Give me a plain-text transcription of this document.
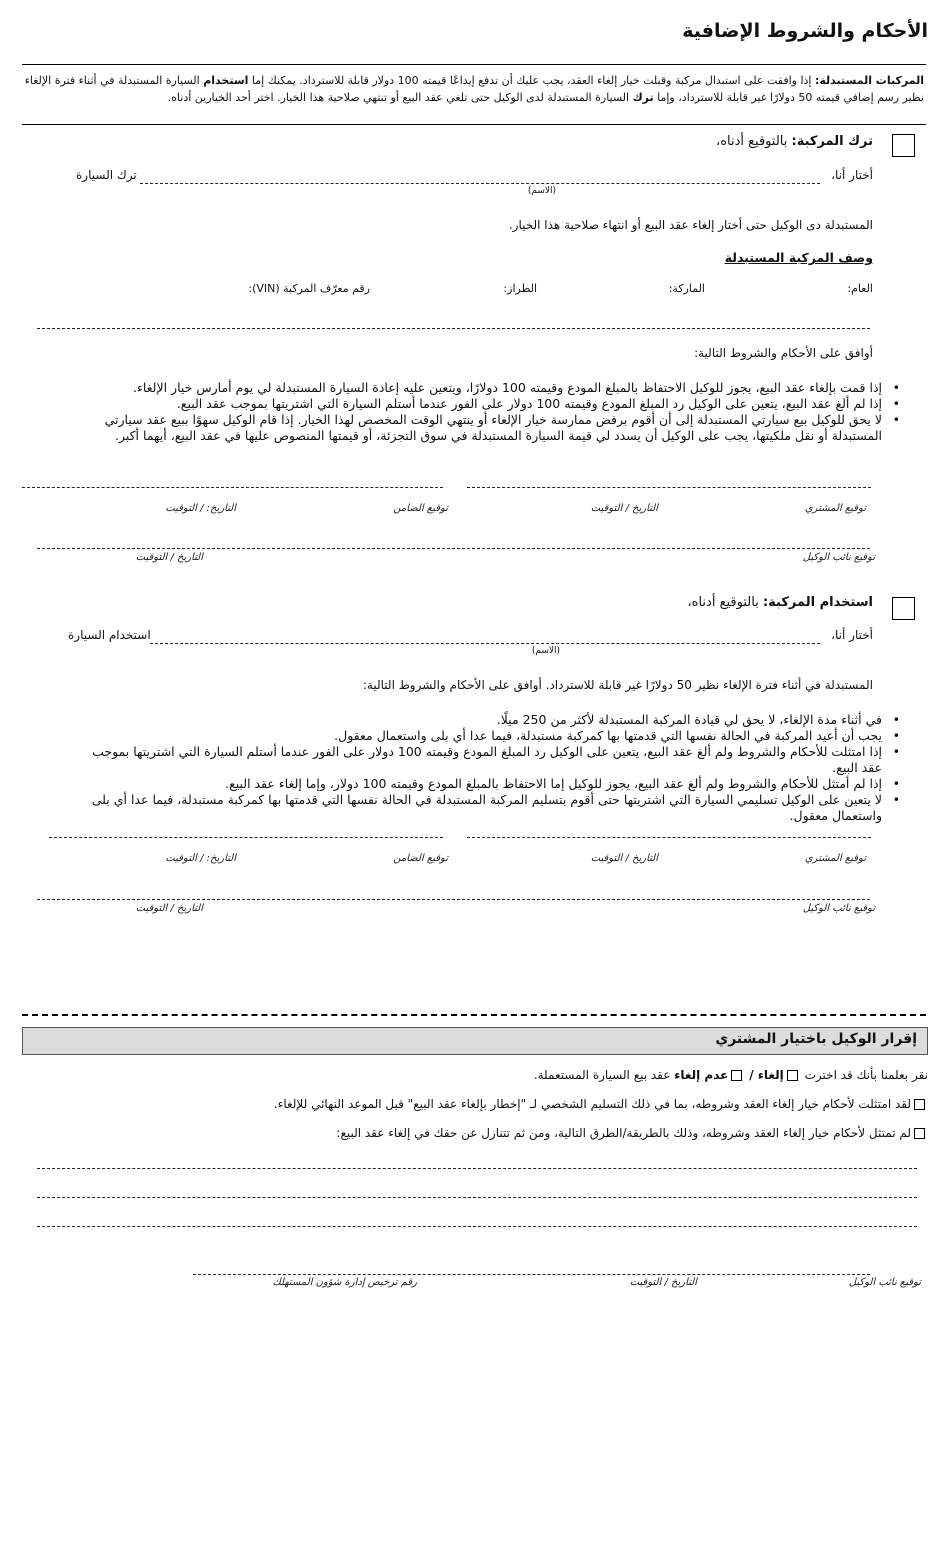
الأحكام والشروط الإضافية
المركبات المستبدلة: إذا وافقت على استبدال مركبة وقبلت خيار إلغاء العقد، يجب عليك أن تدفع إيداعًا قيمته 100 دولار قابلة للاسترداد. يمكنك إما استخدام السيارة المستبدلة في أثناء فترة الإلغاء نظير رسم إضافي قيمته 50 دولارًا غير قابلة للاسترداد، وإما ترك السيارة المستبدلة لدى الوكيل حتى تلغي عقد البيع أو تنتهي صلاحية هذا الخيار. اختر أحد الخيارين أدناه.
ترك المركبة: بالتوقيع أدناه،
أختار أنا،
ترك السيارة
(الاسم)
المستبدلة دى الوكيل حتى أختار إلغاء عقد البيع أو انتهاء صلاحية هذا الخيار.
وصف المركبة المستبدلة
العام:
الماركة:
الطراز:
رقم معرّف المركبة (VIN):
أوافق على الأحكام والشروط التالية:
• إذا قمت بإلغاء عقد البيع، يجوز للوكيل الاحتفاظ بالمبلغ المودع وقيمته 100 دولارًا، ويتعين عليه إعادة السيارة المستبدلة لي يوم أمارس خيار الإلغاء.
• إذا لم ألغ عقد البيع، يتعين على الوكيل رد المبلغ المودع وقيمته 100 دولار على الفور عندما أستلم السيارة التي اشتريتها بموجب عقد البيع.
• لا يحق للوكيل بيع سيارتي المستبدلة إلى أن أقوم برفض ممارسة خيار الإلغاء أو ينتهي الوقت المخصص لهذا الخيار. إذا قام الوكيل سهوًا ببيع عقد سيارتي المستبدلة أو نقل ملكيتها، يجب على الوكيل أن يسدد لي قيمة السيارة المستبدلة في سوق التجزئة، أو قيمتها المنصوص عليها في عقد البيع، أيهما أكبر.
توقيع المشتري
التاريخ / التوقيت
توقيع الضامن
التاريخ: / التوقيت
توقيع نائب الوكيل
التاريخ / التوقيت
استخدام المركبة: بالتوقيع أدناه،
أختار أنا،
استخدام السيارة
(الاسم)
المستبدلة في أثناء فترة الإلغاء نظير 50 دولارًا غير قابلة للاسترداد. أوافق على الأحكام والشروط التالية:
• في أثناء مدة الإلغاء، لا يحق لي قيادة المركبة المستبدلة لأكثر من 250 ميلًا.
• يجب أن أعيد المركبة في الحالة نفسها التي قدمتها بها كمركبة مستبدلة، فيما عدا أي بلى واستعمال معقول.
• إذا امتثلت للأحكام والشروط ولم ألغ عقد البيع، يتعين على الوكيل رد المبلغ المودع وقيمته 100 دولار على الفور عندما أستلم السيارة التي اشتريتها بموجب عقد البيع.
• إذا لم أمتثل للأحكام والشروط ولم ألغ عقد البيع، يجوز للوكيل إما الاحتفاظ بالمبلغ المودع وقيمته 100 دولار، وإما إلغاء عقد البيع.
• لا يتعين على الوكيل تسليمي السيارة التي اشتريتها حتى أقوم بتسليم المركبة المستبدلة في الحالة نفسها التي قدمتها بها كمركبة مستبدلة، فيما عدا أي بلى واستعمال معقول.
توقيع المشتري
التاريخ / التوقيت
توقيع الضامن
التاريخ: / التوقيت
توقيع نائب الوكيل
التاريخ / التوقيت
إقرار الوكيل باختيار المشتري
نقر بعلمنا بأنك قد اخترت إلغاء / عدم إلغاء عقد بيع السيارة المستعملة.
لقد امتثلت لأحكام خيار إلغاء العقد وشروطه، بما في ذلك التسليم الشخصي لـ "إخطار بإلغاء عقد البيع" قبل الموعد النهائي للإلغاء.
لم تمتثل لأحكام خيار إلغاء العقد وشروطه، وذلك بالطريقة/الطرق التالية، ومن ثم تتنازل عن حقك في إلغاء عقد البيع:
توقيع نائب الوكيل
التاريخ / التوقيت
رقم ترخيص إدارة شؤون المستهلك
